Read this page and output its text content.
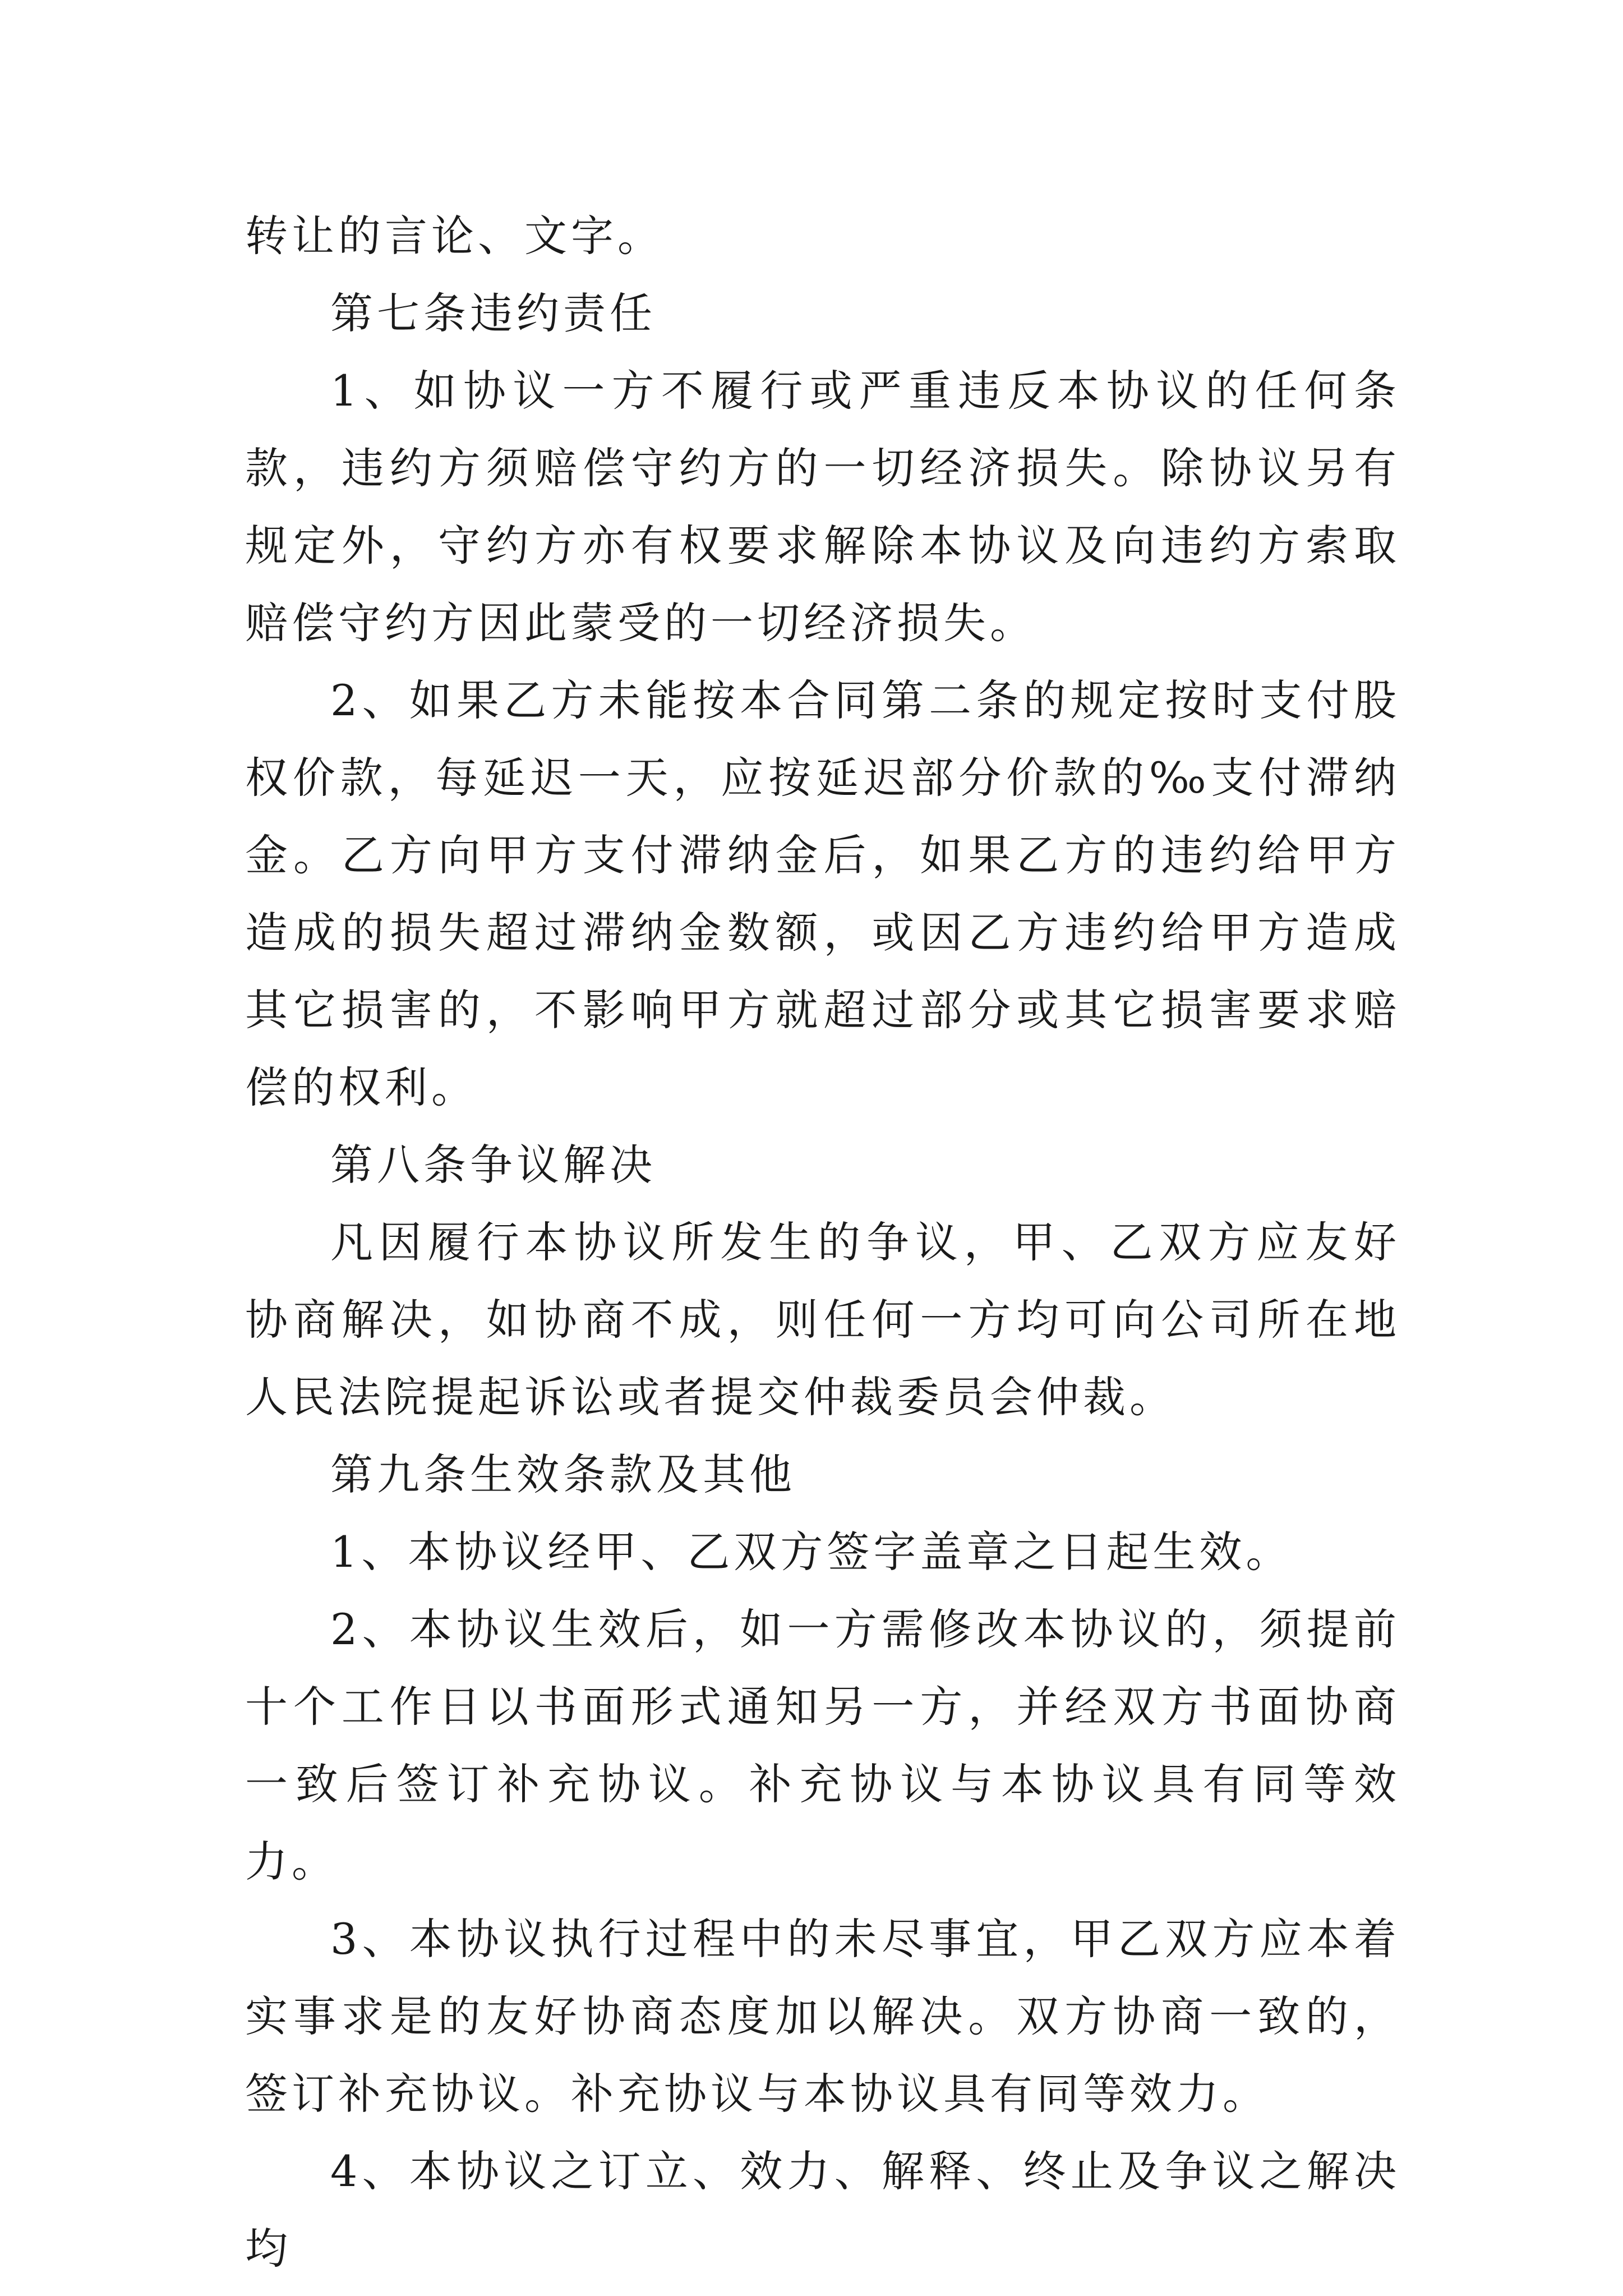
转让的言论、文字。

第七条违约责任

1、如协议一方不履行或严重违反本协议的任何条款，违约方须赔偿守约方的一切经济损失。除协议另有规定外，守约方亦有权要求解除本协议及向违约方索取赔偿守约方因此蒙受的一切经济损失。

2、如果乙方未能按本合同第二条的规定按时支付股权价款，每延迟一天，应按延迟部分价款的‰支付滞纳金。乙方向甲方支付滞纳金后，如果乙方的违约给甲方造成的损失超过滞纳金数额，或因乙方违约给甲方造成其它损害的，不影响甲方就超过部分或其它损害要求赔偿的权利。

第八条争议解决

凡因履行本协议所发生的争议，甲、乙双方应友好协商解决，如协商不成，则任何一方均可向公司所在地人民法院提起诉讼或者提交仲裁委员会仲裁。

第九条生效条款及其他

1、本协议经甲、乙双方签字盖章之日起生效。

2、本协议生效后，如一方需修改本协议的，须提前十个工作日以书面形式通知另一方，并经双方书面协商一致后签订补充协议。补充协议与本协议具有同等效力。

3、本协议执行过程中的未尽事宜，甲乙双方应本着实事求是的友好协商态度加以解决。双方协商一致的，签订补充协议。补充协议与本协议具有同等效力。

4、本协议之订立、效力、解释、终止及争议之解决均
